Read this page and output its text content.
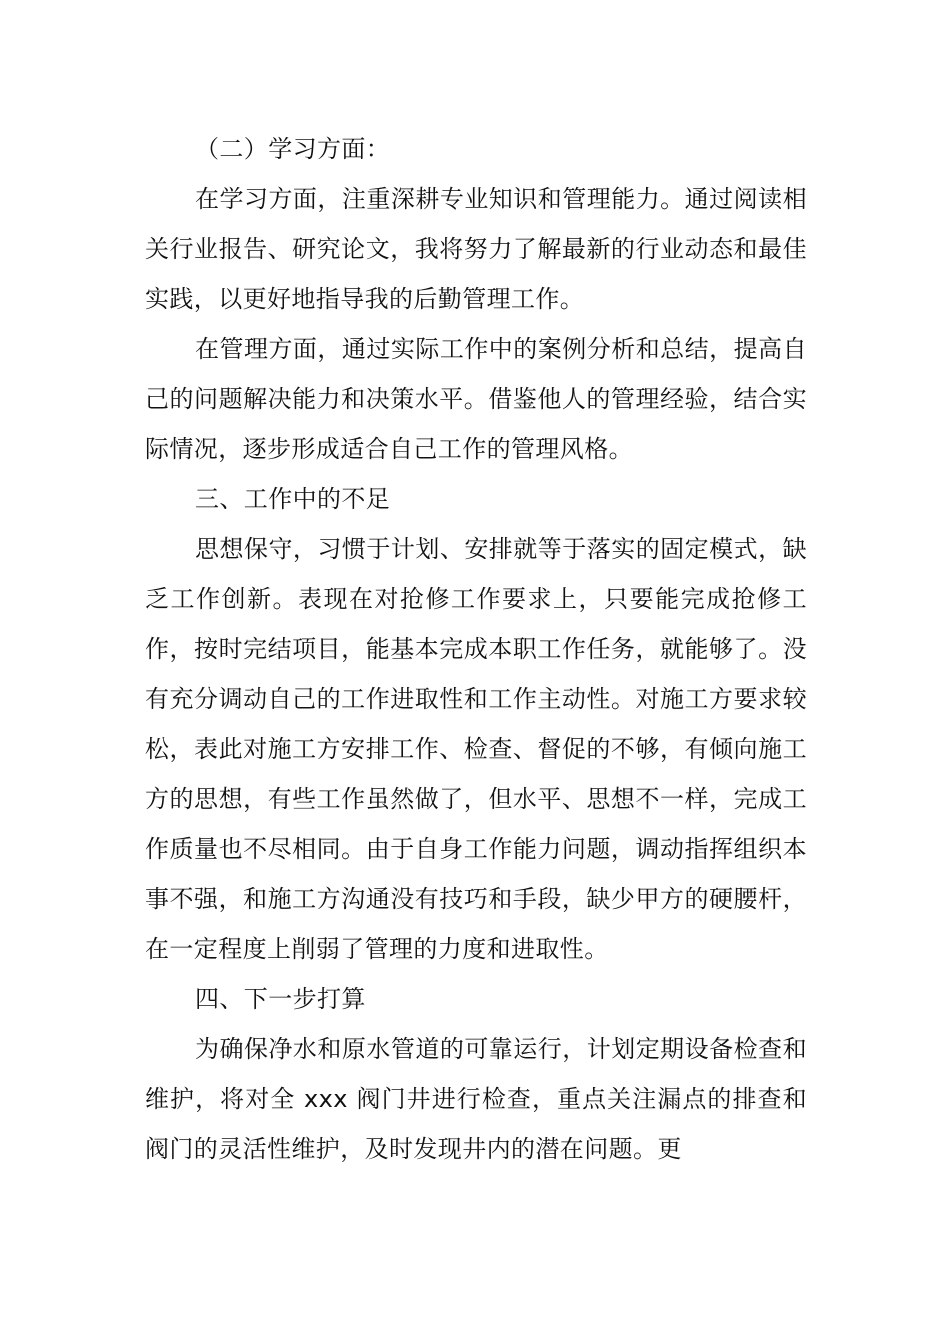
（二）学习方面：

在学习方面，注重深耕专业知识和管理能力。通过阅读相关行业报告、研究论文，我将努力了解最新的行业动态和最佳实践，以更好地指导我的后勤管理工作。

在管理方面，通过实际工作中的案例分析和总结，提高自己的问题解决能力和决策水平。借鉴他人的管理经验，结合实际情况，逐步形成适合自己工作的管理风格。

三、工作中的不足

思想保守，习惯于计划、安排就等于落实的固定模式，缺乏工作创新。表现在对抢修工作要求上，只要能完成抢修工作，按时完结项目，能基本完成本职工作任务，就能够了。没有充分调动自己的工作进取性和工作主动性。对施工方要求较松，表此对施工方安排工作、检查、督促的不够，有倾向施工方的思想，有些工作虽然做了，但水平、思想不一样，完成工作质量也不尽相同。由于自身工作能力问题，调动指挥组织本事不强，和施工方沟通没有技巧和手段，缺少甲方的硬腰杆，在一定程度上削弱了管理的力度和进取性。

四、下一步打算

为确保净水和原水管道的可靠运行，计划定期设备检查和维护，将对全 xxx 阀门井进行检查，重点关注漏点的排查和阀门的灵活性维护，及时发现井内的潜在问题。更
